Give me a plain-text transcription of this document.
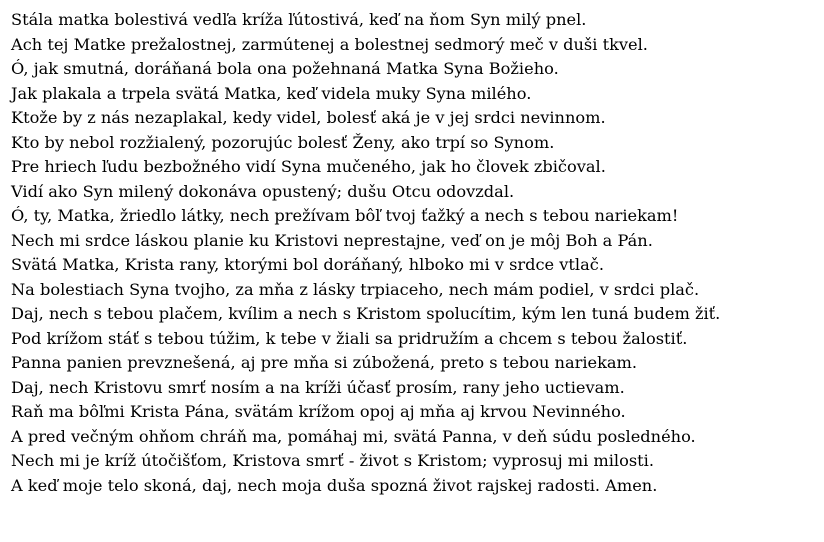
Stála matka bolestivá vedľa kríža ľútostivá, keď na ňom Syn milý pnel.
Ach tej Matke prežalostnej, zarmútenej a bolestnej sedmorý meč v duši tkvel.
Ó, jak smutná, doráňaná bola ona požehnaná Matka Syna Božieho.
Jak plakala a trpela svätá Matka, keď videla muky Syna milého.
Ktože by z nás nezaplakal, kedy videl, bolesť aká je v jej srdci nevinnom.
Kto by nebol rozžialený, pozorujúc bolesť Ženy, ako trpí so Synom.
Pre hriech ľudu bezbožného vidí Syna mučeného, jak ho človek zbičoval.
Vidí ako Syn milený dokonáva opustený; dušu Otcu odovzdal.
Ó, ty, Matka, žriedlo látky, nech prežívam bôľ tvoj ťažký a nech s tebou nariekam!
Nech mi srdce láskou planie ku Kristovi neprestajne, veď on je môj Boh a Pán.
Svätá Matka, Krista rany, ktorými bol doráňaný, hlboko mi v srdce vtlač.
Na bolestiach Syna tvojho, za mňa z lásky trpiaceho, nech mám podiel, v srdci plač.
Daj, nech s tebou plačem, kvílim a nech s Kristom spolucítim, kým len tuná budem žiť.
Pod krížom stáť s tebou túžim, k tebe v žiali sa pridružím a chcem s tebou žalostiť.
Panna panien prevznešená, aj pre mňa si zúbožená, preto s tebou nariekam.
Daj, nech Kristovu smrť nosím a na kríži účasť prosím, rany jeho uctievam.
Raň ma bôľmi Krista Pána, svätám krížom opoj aj mňa aj krvou Nevinného.
A pred večným ohňom chráň ma, pomáhaj mi, svätá Panna, v deň súdu posledného.
Nech mi je kríž útočišťom, Kristova smrť - život s Kristom; vyprosuj mi milosti.
A keď moje telo skoná, daj, nech moja duša spozná život rajskej radosti. Amen.
